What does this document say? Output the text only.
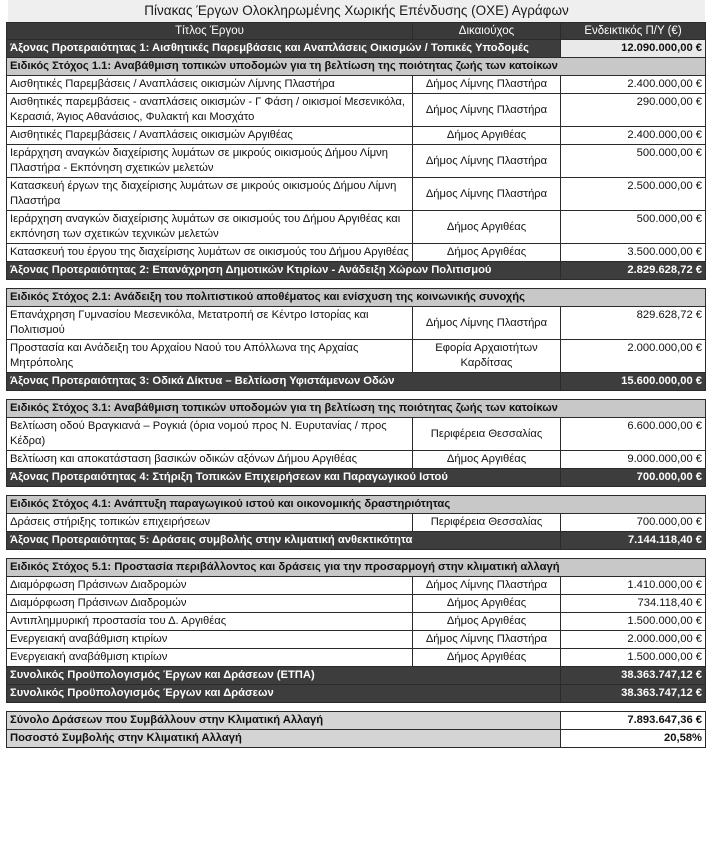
Πίνακας Έργων Ολοκληρωμένης Χωρικής Επένδυσης (ΟΧΕ) Αγράφων
Τίτλος Έργου	Δικαιούχος	Ενδεικτικός Π/Υ (€)
Άξονας Προτεραιότητας 1: Αισθητικές Παρεμβάσεις και Αναπλάσεις Οικισμών / Τοπικές Υποδομές		12.090.000,00 €
Ειδικός Στόχος 1.1: Αναβάθμιση τοπικών υποδομών για τη βελτίωση της ποιότητας ζωής των κατοίκων		
Αισθητικές Παρεμβάσεις / Αναπλάσεις οικισμών Λίμνης Πλαστήρα	Δήμος Λίμνης Πλαστήρα	2.400.000,00 €
Αισθητικές παρεμβάσεις - αναπλάσεις οικισμών - Γ Φάση / οικισμοί Μεσενικόλα, Κερασιά, Άγιος Αθανάσιος, Φυλακτή και Μοσχάτο	Δήμος Λίμνης Πλαστήρα	290.000,00 €
Αισθητικές Παρεμβάσεις / Αναπλάσεις οικισμών Αργιθέας	Δήμος Αργιθέας	2.400.000,00 €
Ιεράρχηση αναγκών διαχείρισης λυμάτων σε μικρούς οικισμούς Δήμου Λίμνη Πλαστήρα - Εκπόνηση σχετικών μελετών	Δήμος Λίμνης Πλαστήρα	500.000,00 €
Κατασκευή έργων της διαχείρισης λυμάτων σε μικρούς οικισμούς Δήμου Λίμνη Πλαστήρα	Δήμος Λίμνης Πλαστήρα	2.500.000,00 €
Ιεράρχηση αναγκών διαχείρισης λυμάτων σε οικισμούς του Δήμου Αργιθέας και εκπόνηση των σχετικών τεχνικών μελετών	Δήμος Αργιθέας	500.000,00 €
Κατασκευή του έργου της διαχείρισης λυμάτων σε οικισμούς του Δήμου Αργιθέας	Δήμος Αργιθέας	3.500.000,00 €
Άξονας Προτεραιότητας 2: Επανάχρηση Δημοτικών Κτιρίων - Ανάδειξη Χώρων Πολιτισμού		2.829.628,72 €

Ειδικός Στόχος 2.1: Ανάδειξη του πολιτιστικού αποθέματος και ενίσχυση της κοινωνικής συνοχής		
Επανάχρηση Γυμνασίου Μεσενικόλα, Μετατροπή σε Κέντρο Ιστορίας και Πολιτισμού	Δήμος Λίμνης Πλαστήρα	829.628,72 €
Προστασία και Ανάδειξη του Αρχαίου Ναού του Απόλλωνα της Αρχαίας Μητρόπολης	Εφορία Αρχαιοτήτων Καρδίτσας	2.000.000,00 €
Άξονας Προτεραιότητας 3: Οδικά Δίκτυα – Βελτίωση Υφιστάμενων Οδών		15.600.000,00 €

Ειδικός Στόχος 3.1: Αναβάθμιση τοπικών υποδομών για τη βελτίωση της ποιότητας ζωής των κατοίκων		
Βελτίωση οδού Βραγκιανά – Ρογκιά (όρια νομού προς Ν. Ευρυτανίας / προς Κέδρα)	Περιφέρεια Θεσσαλίας	6.600.000,00 €
Βελτίωση και αποκατάσταση βασικών οδικών αξόνων Δήμου Αργιθέας	Δήμος Αργιθέας	9.000.000,00 €
Άξονας Προτεραιότητας 4: Στήριξη Τοπικών Επιχειρήσεων και Παραγωγικού Ιστού		700.000,00 €

Ειδικός Στόχος 4.1: Ανάπτυξη παραγωγικού ιστού και οικονομικής δραστηριότητας		
Δράσεις στήριξης τοπικών επιχειρήσεων	Περιφέρεια Θεσσαλίας	700.000,00 €
Άξονας Προτεραιότητας 5: Δράσεις συμβολής στην κλιματική ανθεκτικότητα		7.144.118,40 €

Ειδικός Στόχος 5.1: Προστασία περιβάλλοντος και δράσεις για την προσαρμογή στην κλιματική αλλαγή		
Διαμόρφωση Πράσινων Διαδρομών	Δήμος Λίμνης Πλαστήρα	1.410.000,00 €
Διαμόρφωση Πράσινων Διαδρομών	Δήμος Αργιθέας	734.118,40 €
Αντιπλημμυρική προστασία του Δ. Αργιθέας	Δήμος Αργιθέας	1.500.000,00 €
Ενεργειακή αναβάθμιση κτιρίων	Δήμος Λίμνης Πλαστήρα	2.000.000,00 €
Ενεργειακή αναβάθμιση κτιρίων	Δήμος Αργιθέας	1.500.000,00 €
Συνολικός Προϋπολογισμός Έργων και Δράσεων (ΕΤΠΑ)		38.363.747,12 €
Συνολικός Προϋπολογισμός Έργων και Δράσεων		38.363.747,12 €

Σύνολο Δράσεων που Συμβάλλουν στην Κλιματική Αλλαγή		7.893.647,36 €
Ποσοστό Συμβολής στην Κλιματική Αλλαγή		20,58%
